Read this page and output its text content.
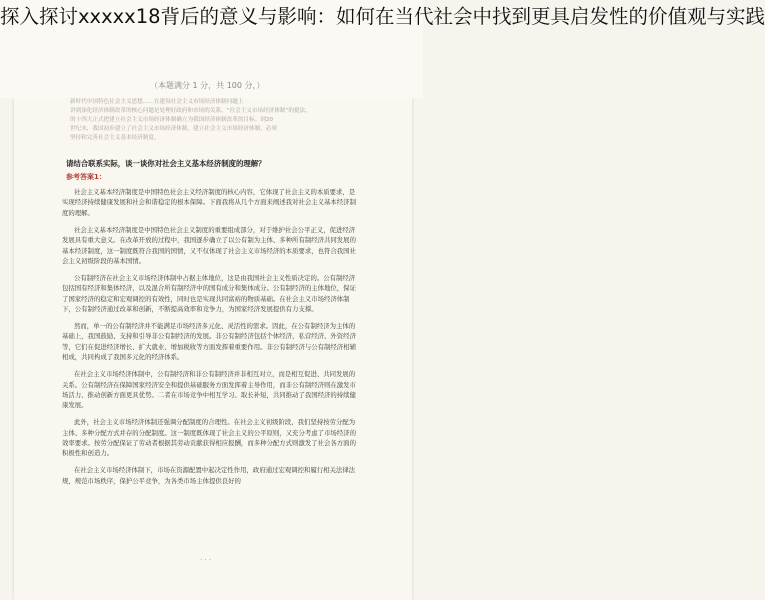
探入探讨xxxxx18背后的意义与影响：如何在当代社会中找到更具启发性的价值观与实践
（本题满分 1 分，共 100 分，）

新时代中国特色社会主义思想……在建设社会主义市场经济体制问题上

讲到深化经济体制改革的核心问题是处理好政府和市场的关系，“社会主义市场经济体制”的提法。

的十四大正式把建立社会主义市场经济体制确立为我国经济体制改革的目标。到20

世纪末，我国初步建立了社会主义市场经济体制。建立社会主义市场经济体制，必须

坚持和完善社会主义基本经济制度。

请结合联系实际，谈一谈你对社会主义基本经济制度的理解？
参考答案1：

社会主义基本经济制度是中国特色社会主义经济制度的核心内容，它体现了社会主义的本质要求，是实现经济持续健康发展和社会和谐稳定的根本保障。下面我将从几个方面来阐述我对社会主义基本经济制度的理解。

社会主义基本经济制度是中国特色社会主义制度的重要组成部分，对于维护社会公平正义，促进经济发展具有重大意义。在改革开放的过程中，我国逐步确立了以公有制为主体、多种所有制经济共同发展的基本经济制度，这一制度既符合我国的国情，又不仅体现了社会主义市场经济的本质要求，也符合我国社会主义初级阶段的基本国情。

公有制经济在社会主义市场经济体制中占据主体地位，这是由我国社会主义性质决定的。公有制经济包括国有经济和集体经济，以及混合所有制经济中的国有成分和集体成分。公有制经济的主体地位，保证了国家经济的稳定和宏观调控的有效性，同时也是实现共同富裕的物质基础。在社会主义市场经济体制下，公有制经济通过改革和创新，不断提高效率和竞争力，为国家经济发展提供有力支撑。

然而，单一的公有制经济并不能满足市场经济多元化、灵活性的需求。因此，在公有制经济为主体的基础上，我国鼓励、支持和引导非公有制经济的发展。非公有制经济包括个体经济、私营经济、外资经济等，它们在促进经济增长、扩大就业、增加税收等方面发挥着重要作用。非公有制经济与公有制经济相辅相成，共同构成了我国多元化的经济体系。

在社会主义市场经济体制中，公有制经济和非公有制经济并非相互对立，而是相互促进、共同发展的关系。公有制经济在保障国家经济安全和提供基础服务方面发挥着主导作用，而非公有制经济则在激发市场活力、推动创新方面更具优势。二者在市场竞争中相互学习、取长补短，共同推动了我国经济的持续健康发展。

此外，社会主义市场经济体制还强调分配制度的合理性。在社会主义初级阶段，我们坚持按劳分配为主体、多种分配方式并存的分配制度。这一制度既体现了社会主义的公平原则，又充分考虑了市场经济的效率要求。按劳分配保证了劳动者根据其劳动贡献获得相应报酬，而多种分配方式则激发了社会各方面的积极性和创造力。

在社会主义市场经济体制下，市场在资源配置中起决定性作用，政府通过宏观调控和履行相关法律法规，规范市场秩序，保护公平竞争，为各类市场主体提供良好的

· · ·
